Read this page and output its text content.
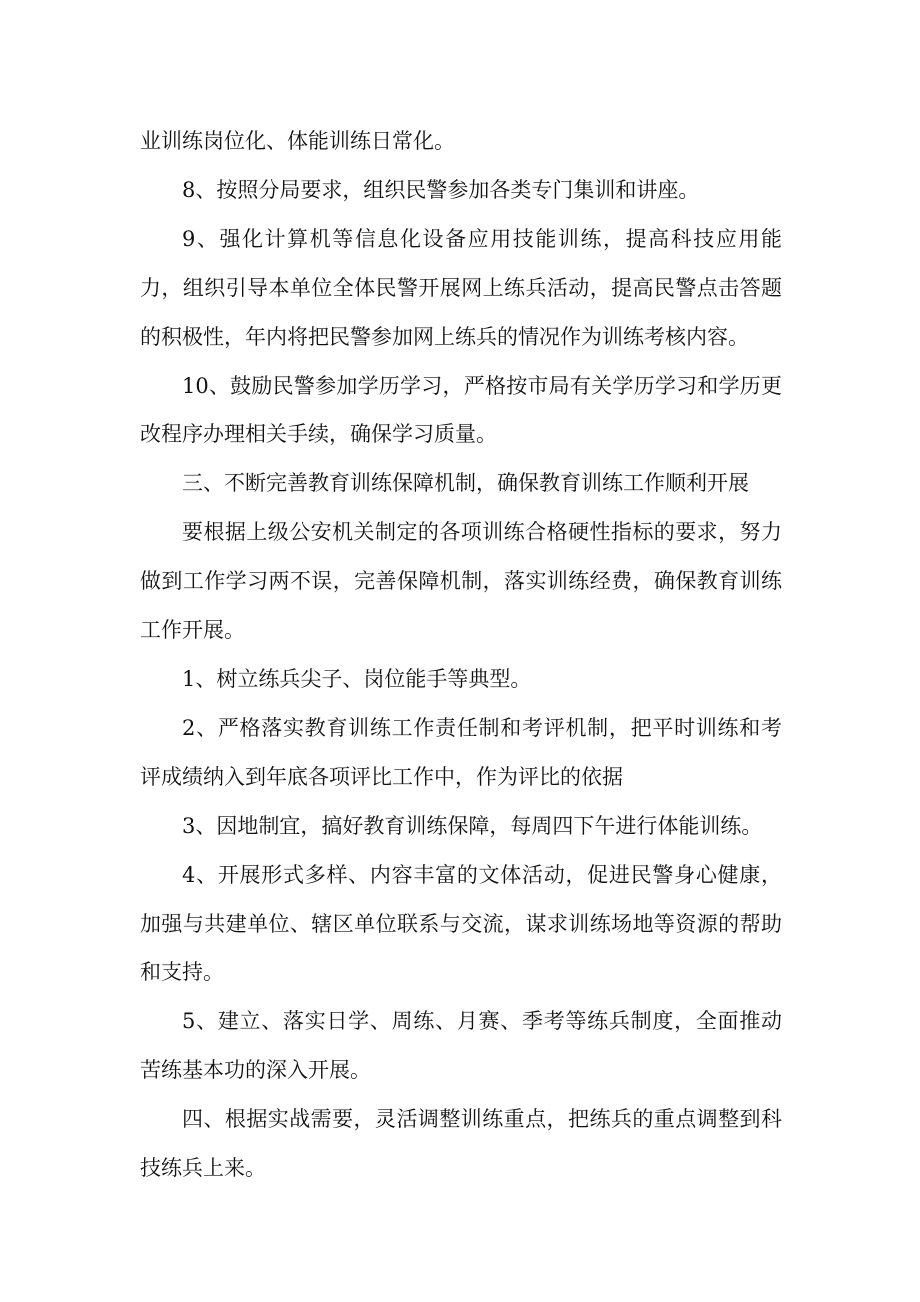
业训练岗位化、体能训练日常化。

8、按照分局要求，组织民警参加各类专门集训和讲座。

9、强化计算机等信息化设备应用技能训练，提高科技应用能力，组织引导本单位全体民警开展网上练兵活动，提高民警点击答题的积极性，年内将把民警参加网上练兵的情况作为训练考核内容。

10、鼓励民警参加学历学习，严格按市局有关学历学习和学历更改程序办理相关手续，确保学习质量。

三、不断完善教育训练保障机制，确保教育训练工作顺利开展

要根据上级公安机关制定的各项训练合格硬性指标的要求，努力做到工作学习两不误，完善保障机制，落实训练经费，确保教育训练工作开展。

1、树立练兵尖子、岗位能手等典型。

2、严格落实教育训练工作责任制和考评机制，把平时训练和考评成绩纳入到年底各项评比工作中，作为评比的依据

3、因地制宜，搞好教育训练保障，每周四下午进行体能训练。

4、开展形式多样、内容丰富的文体活动，促进民警身心健康，加强与共建单位、辖区单位联系与交流，谋求训练场地等资源的帮助和支持。

5、建立、落实日学、周练、月赛、季考等练兵制度，全面推动苦练基本功的深入开展。

四、根据实战需要，灵活调整训练重点，把练兵的重点调整到科技练兵上来。
